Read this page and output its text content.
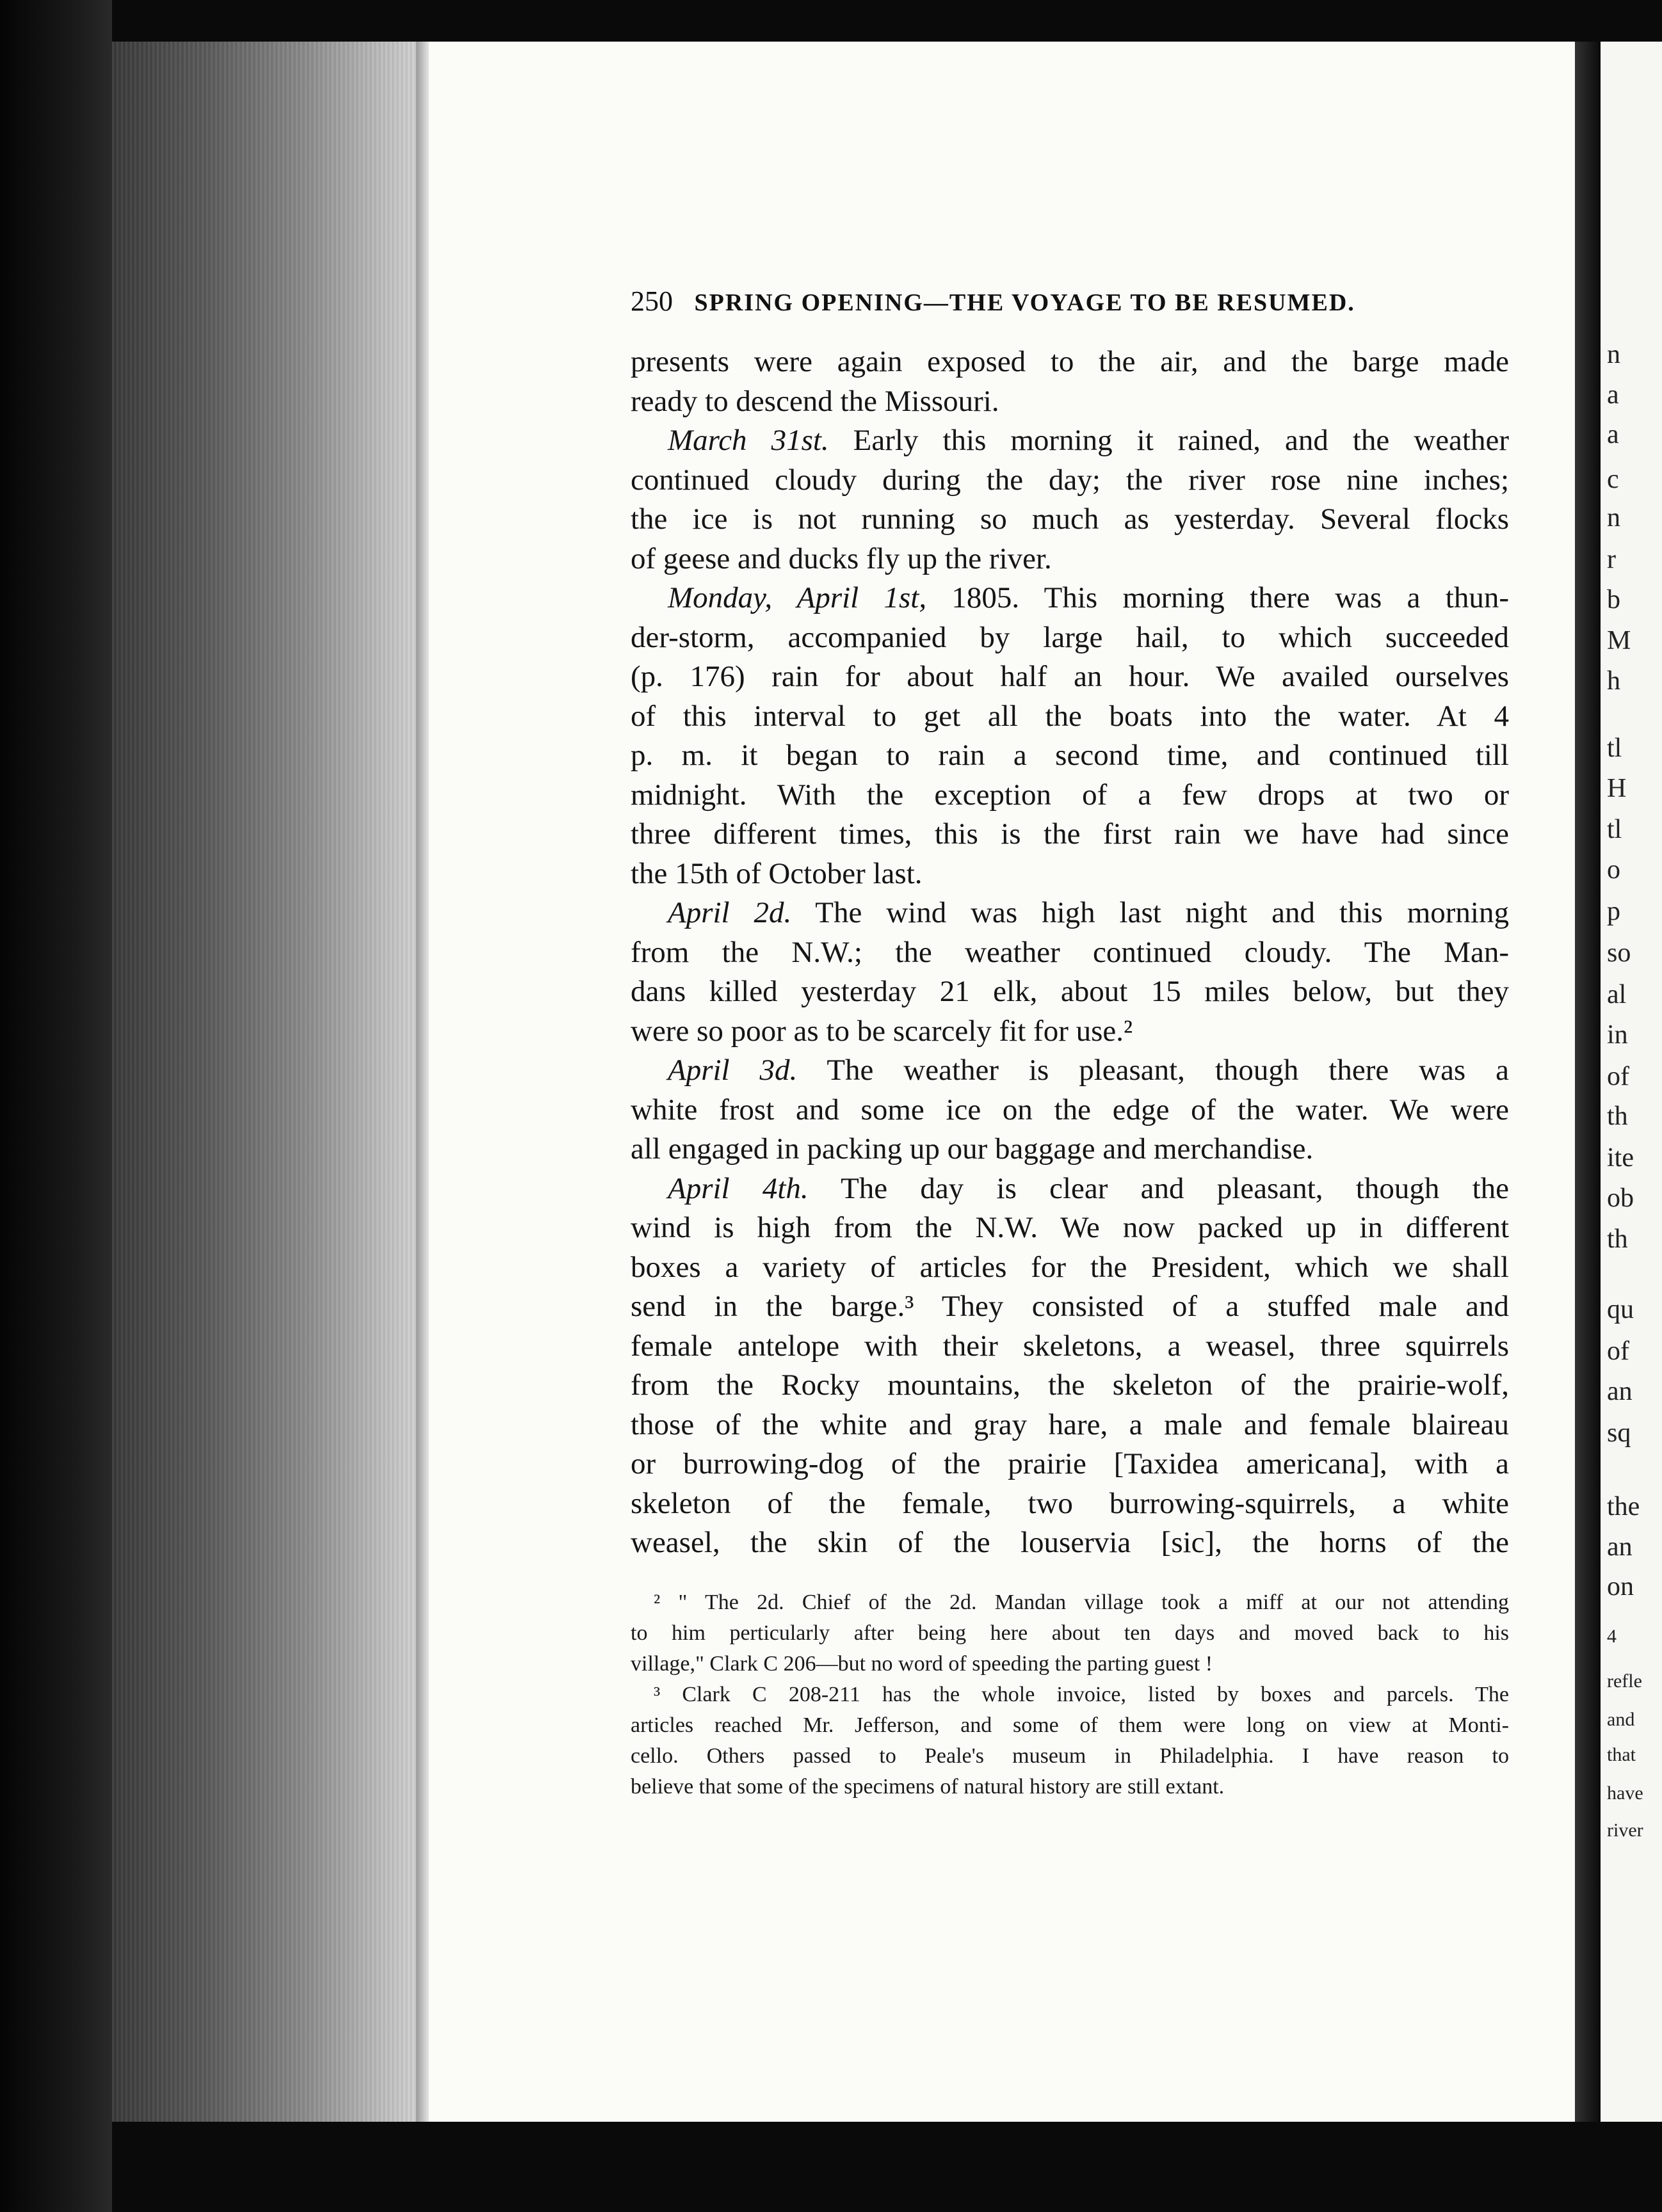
n
a
a
c
n
r
b
M
h
tl
H
tl
o
p
so
al
in
of
th
ite
ob
th
qu
of
an
sq
the
an
on
4
refle
and
that
have
river
250 SPRING OPENING—THE VOYAGE TO BE RESUMED.
presents were again exposed to the air, and the barge made
ready to descend the Missouri.
March 31st. Early this morning it rained, and the weather
continued cloudy during the day; the river rose nine inches;
the ice is not running so much as yesterday. Several flocks
of geese and ducks fly up the river.
Monday, April 1st, 1805. This morning there was a thun-
der-storm, accompanied by large hail, to which succeeded
(p. 176) rain for about half an hour. We availed ourselves
of this interval to get all the boats into the water. At 4
p. m. it began to rain a second time, and continued till
midnight. With the exception of a few drops at two or
three different times, this is the first rain we have had since
the 15th of October last.
April 2d. The wind was high last night and this morning
from the N.W.; the weather continued cloudy. The Man-
dans killed yesterday 21 elk, about 15 miles below, but they
were so poor as to be scarcely fit for use.²
April 3d. The weather is pleasant, though there was a
white frost and some ice on the edge of the water. We were
all engaged in packing up our baggage and merchandise.
April 4th. The day is clear and pleasant, though the
wind is high from the N.W. We now packed up in different
boxes a variety of articles for the President, which we shall
send in the barge.³ They consisted of a stuffed male and
female antelope with their skeletons, a weasel, three squirrels
from the Rocky mountains, the skeleton of the prairie-wolf,
those of the white and gray hare, a male and female blaireau
or burrowing-dog of the prairie [Taxidea americana], with a
skeleton of the female, two burrowing-squirrels, a white
weasel, the skin of the louservia [sic], the horns of the
² " The 2d. Chief of the 2d. Mandan village took a miff at our not attending
to him perticularly after being here about ten days and moved back to his
village," Clark C 206—but no word of speeding the parting guest !
³ Clark C 208-211 has the whole invoice, listed by boxes and parcels. The
articles reached Mr. Jefferson, and some of them were long on view at Monti-
cello. Others passed to Peale's museum in Philadelphia. I have reason to
believe that some of the specimens of natural history are still extant.
